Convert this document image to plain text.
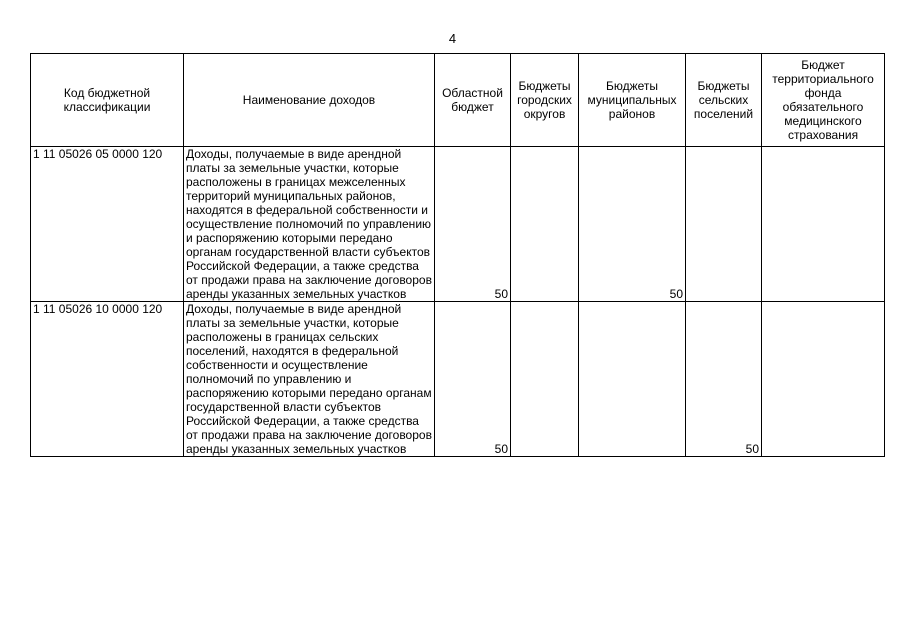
4
Код бюджетной классификации	Наименование доходов	Областной бюджет	Бюджеты городских округов	Бюджеты муниципальных районов	Бюджеты сельских поселений	Бюджет территориального фонда обязательного медицинского страхования
1 11 05026 05 0000 120	Доходы, получаемые в виде арендной платы за земельные участки, которые расположены в границах межселенных территорий муниципальных районов, находятся в федеральной собственности и осуществление полномочий по управлению и распоряжению которыми передано органам государственной власти субъектов Российской Федерации, а также средства от продажи права на заключение договоров аренды указанных земельных участков	50		50		
1 11 05026 10 0000 120	Доходы, получаемые в виде арендной платы за земельные участки, которые расположены в границах сельских поселений, находятся в федеральной собственности и осуществление полномочий по управлению и распоряжению которыми передано органам государственной власти субъектов Российской Федерации, а также средства от продажи права на заключение договоров аренды указанных земельных участков	50			50	
